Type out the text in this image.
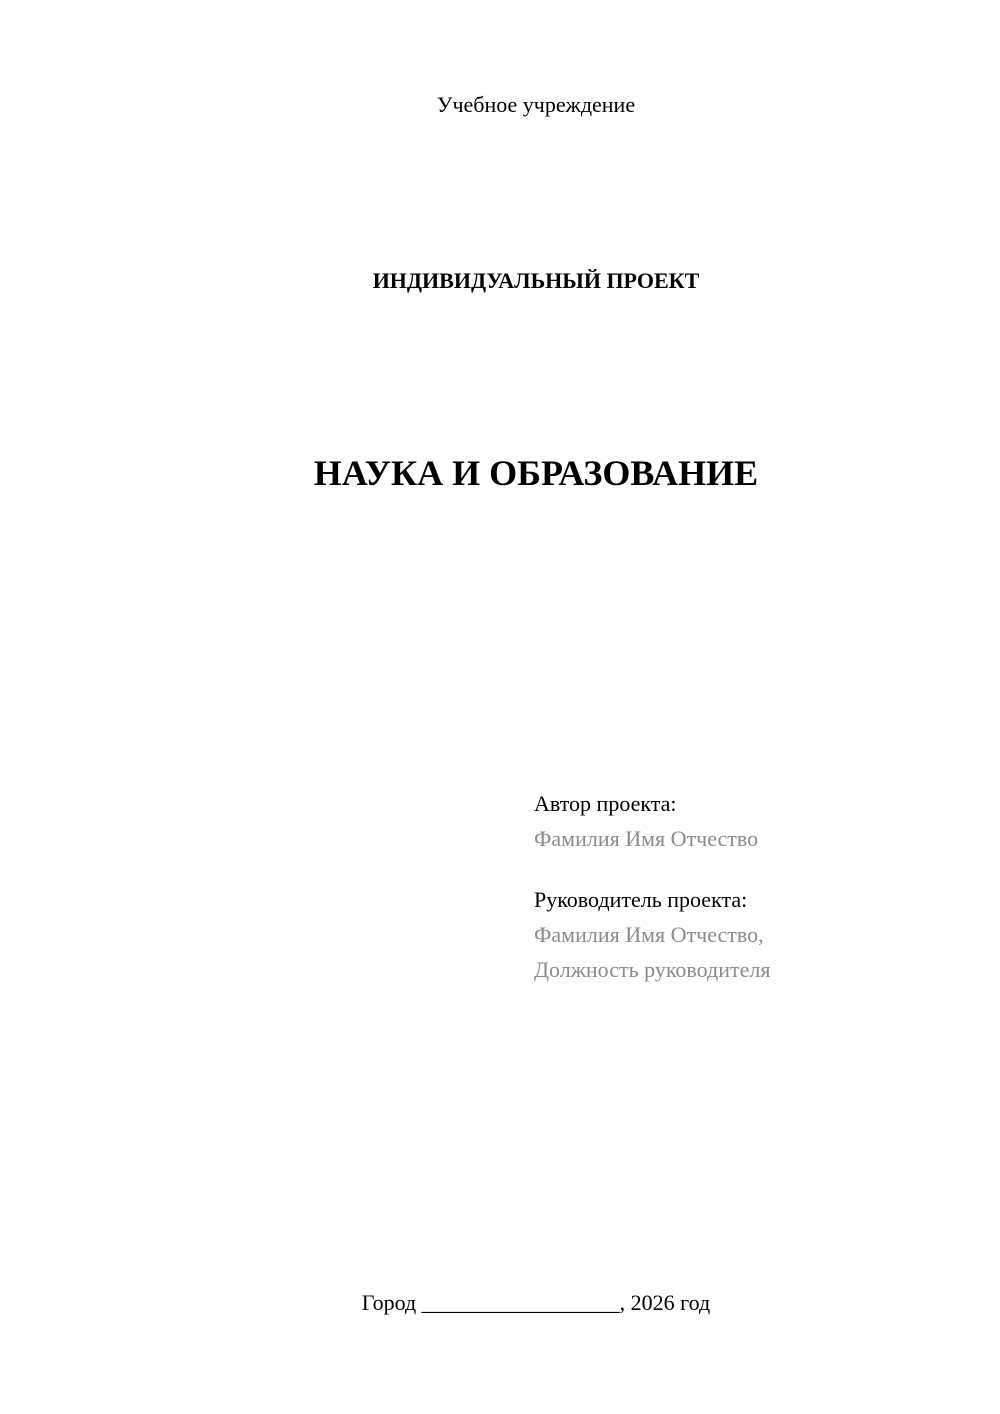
Учебное учреждение
ИНДИВИДУАЛЬНЫЙ ПРОЕКТ
НАУКА И ОБРАЗОВАНИЕ
Автор проекта:
Фамилия Имя Отчество
Руководитель проекта:
Фамилия Имя Отчество,
Должность руководителя
Город __________________, 2026 год
